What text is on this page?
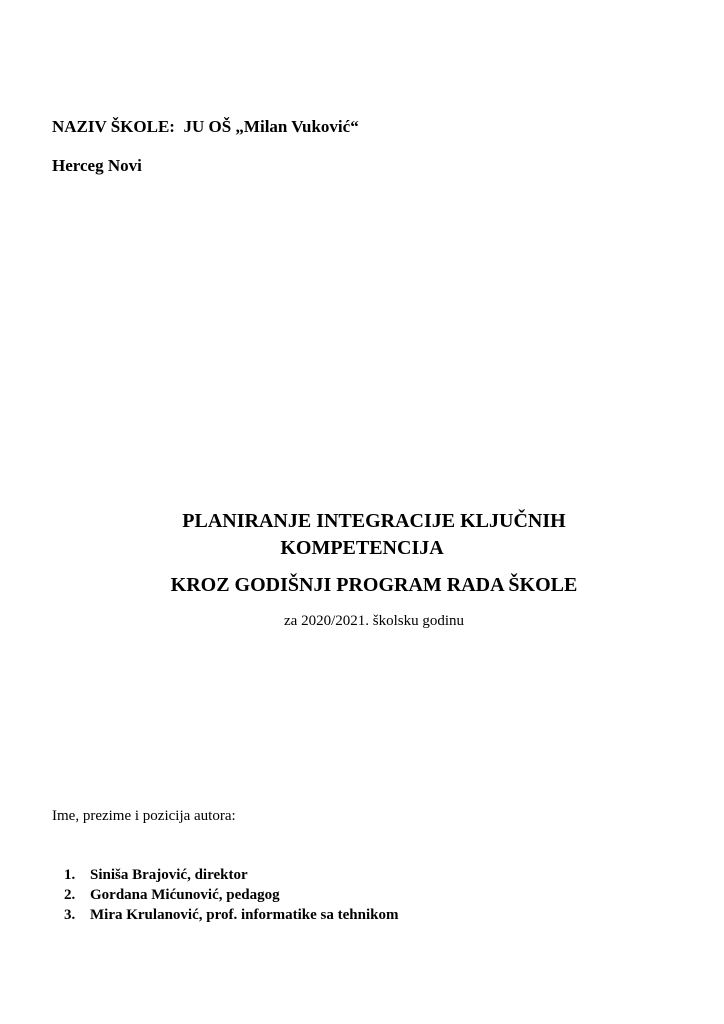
NAZIV ŠKOLE:  JU OŠ „Milan Vuković“
Herceg Novi
PLANIRANJE INTEGRACIJE KLJUČNIH
KOMPETENCIJA
KROZ GODIŠNJI PROGRAM RADA ŠKOLE
za 2020/2021. školsku godinu
Ime, prezime i pozicija autora:
1. Siniša Brajović, direktor
2. Gordana Mićunović, pedagog
3. Mira Krulanović, prof. informatike sa tehnikom
